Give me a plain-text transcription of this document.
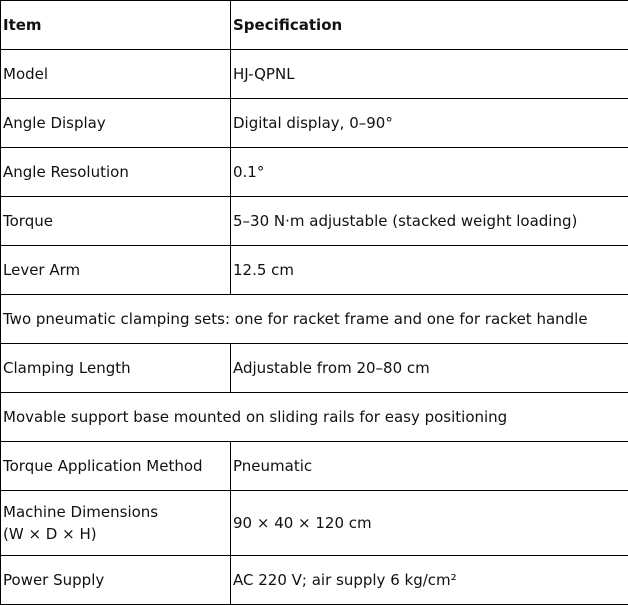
Item	Specification
Model	HJ-QPNL
Angle Display	Digital display, 0–90°
Angle Resolution	0.1°
Torque	5–30 N·m adjustable (stacked weight loading)
Lever Arm	12.5 cm
Two pneumatic clamping sets: one for racket frame and one for racket handle	
Clamping Length	Adjustable from 20–80 cm
Movable support base mounted on sliding rails for easy positioning	
Torque Application Method	Pneumatic
Machine Dimensions
(W × D × H)	90 × 40 × 120 cm
Power Supply	AC 220 V; air supply 6 kg/cm²
